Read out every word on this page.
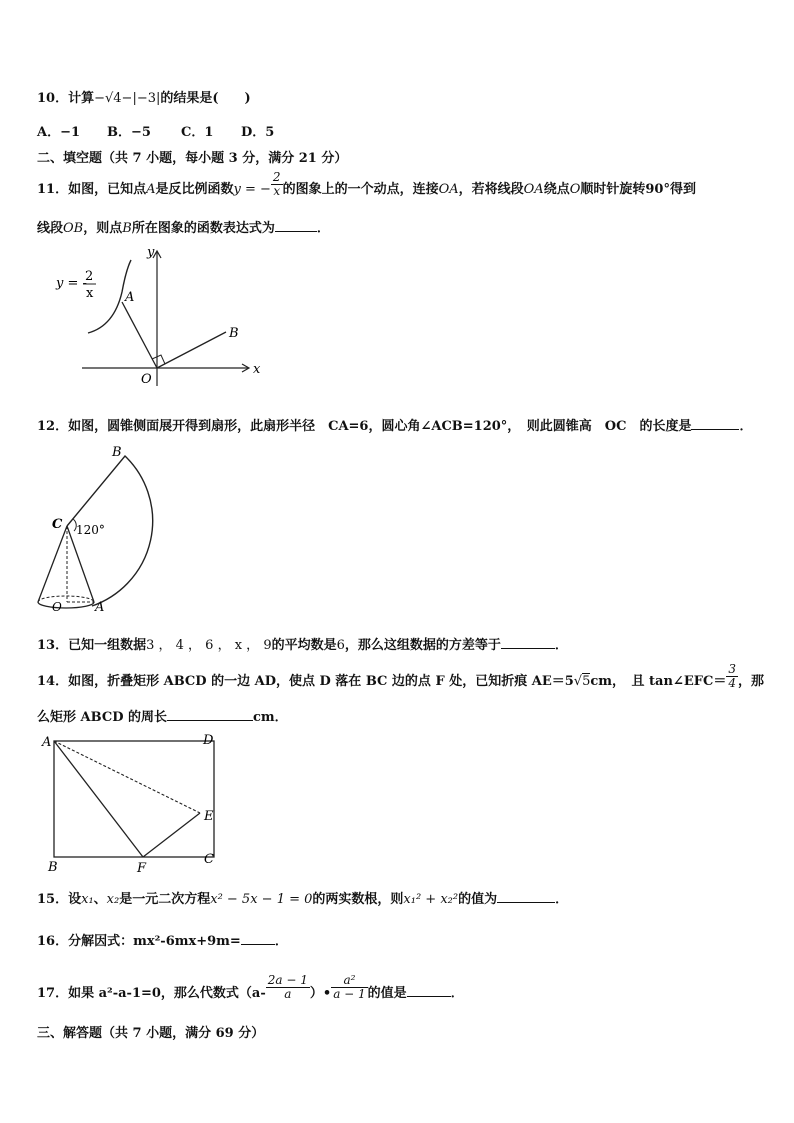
10．计算−√4−|−3|的结果是(　　)
A．−1 B．−5 C．1 D．5
二、填空题（共 7 小题，每小题 3 分，满分 21 分）
11．如图，已知点A是反比例函数y = − $\frac{2}{x}$ 的图象上的一个动点，连接OA，若将线段OA绕点O顺时针旋转90°得到
线段OB，则点B所在图象的函数表达式为	．
y = -
2
x
y
x
O
A
B
12．如图，圆锥侧面展开得到扇形，此扇形半径　CA=6，圆心角∠ACB=120°，　则此圆锥高　OC　的长度是	．
B
C 120°
O	A
13．已知一组数据3 ， 4 ， 6 ， x ， 9的平均数是6，那么这组数据的方差等于	．
14．如图，折叠矩形 ABCD 的一边 AD，使点 D 落在 BC 边的点 F 处，已知折痕 AE＝5√5cm，　且 tan∠EFC＝ $\frac{3}{4}$ ，那
么矩形 ABCD 的周长	cm．
A	D
E
B	F
C
15．设x₁、x₂是一元二次方程x² − 5x − 1 = 0的两实数根，则x₁² + x₂²的值为	．
16．分解因式：mx²-6mx+9m=	．
17．如果 a²-a-1=0，那么代数式（$a- \frac{2a - 1}{a}$ ）• $\frac{\text{a²}}{a - 1}$ 的值是	．
三、解答题（共 7 小题，满分 69 分）
